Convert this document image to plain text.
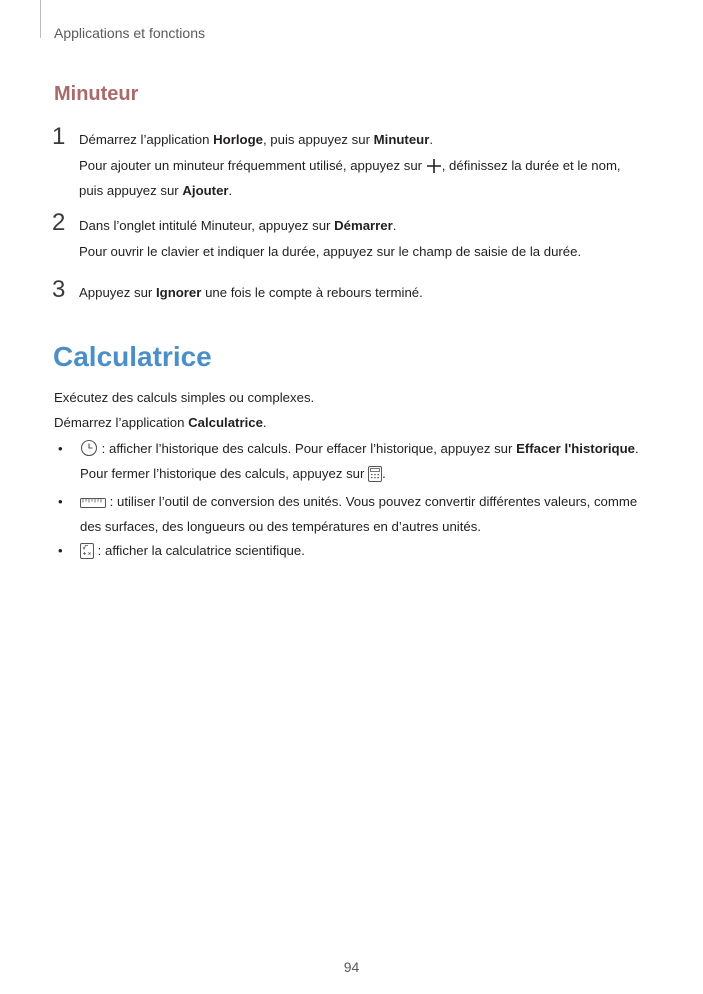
Applications et fonctions
Minuteur
1 Démarrez l’application Horloge, puis appuyez sur Minuteur.

Pour ajouter un minuteur fréquemment utilisé, appuyez sur , définissez la durée et le nom,

puis appuyez sur Ajouter.

2 Dans l’onglet intitulé Minuteur, appuyez sur Démarrer.

Pour ouvrir le clavier et indiquer la durée, appuyez sur le champ de saisie de la durée.

3 Appuyez sur Ignorer une fois le compte à rebours terminé.

Calculatrice
Exécutez des calculs simples ou complexes.
Démarrez l’application Calculatrice.
•	: afficher l’historique des calculs. Pour effacer l’historique, appuyez sur Effacer l'historique.
Pour fermer l’historique des calculs, appuyez sur .
•	: utiliser l’outil de conversion des unités. Vous pouvez convertir différentes valeurs, comme
des surfaces, des longueurs ou des températures en d’autres unités.
•	: afficher la calculatrice scientifique.
94
